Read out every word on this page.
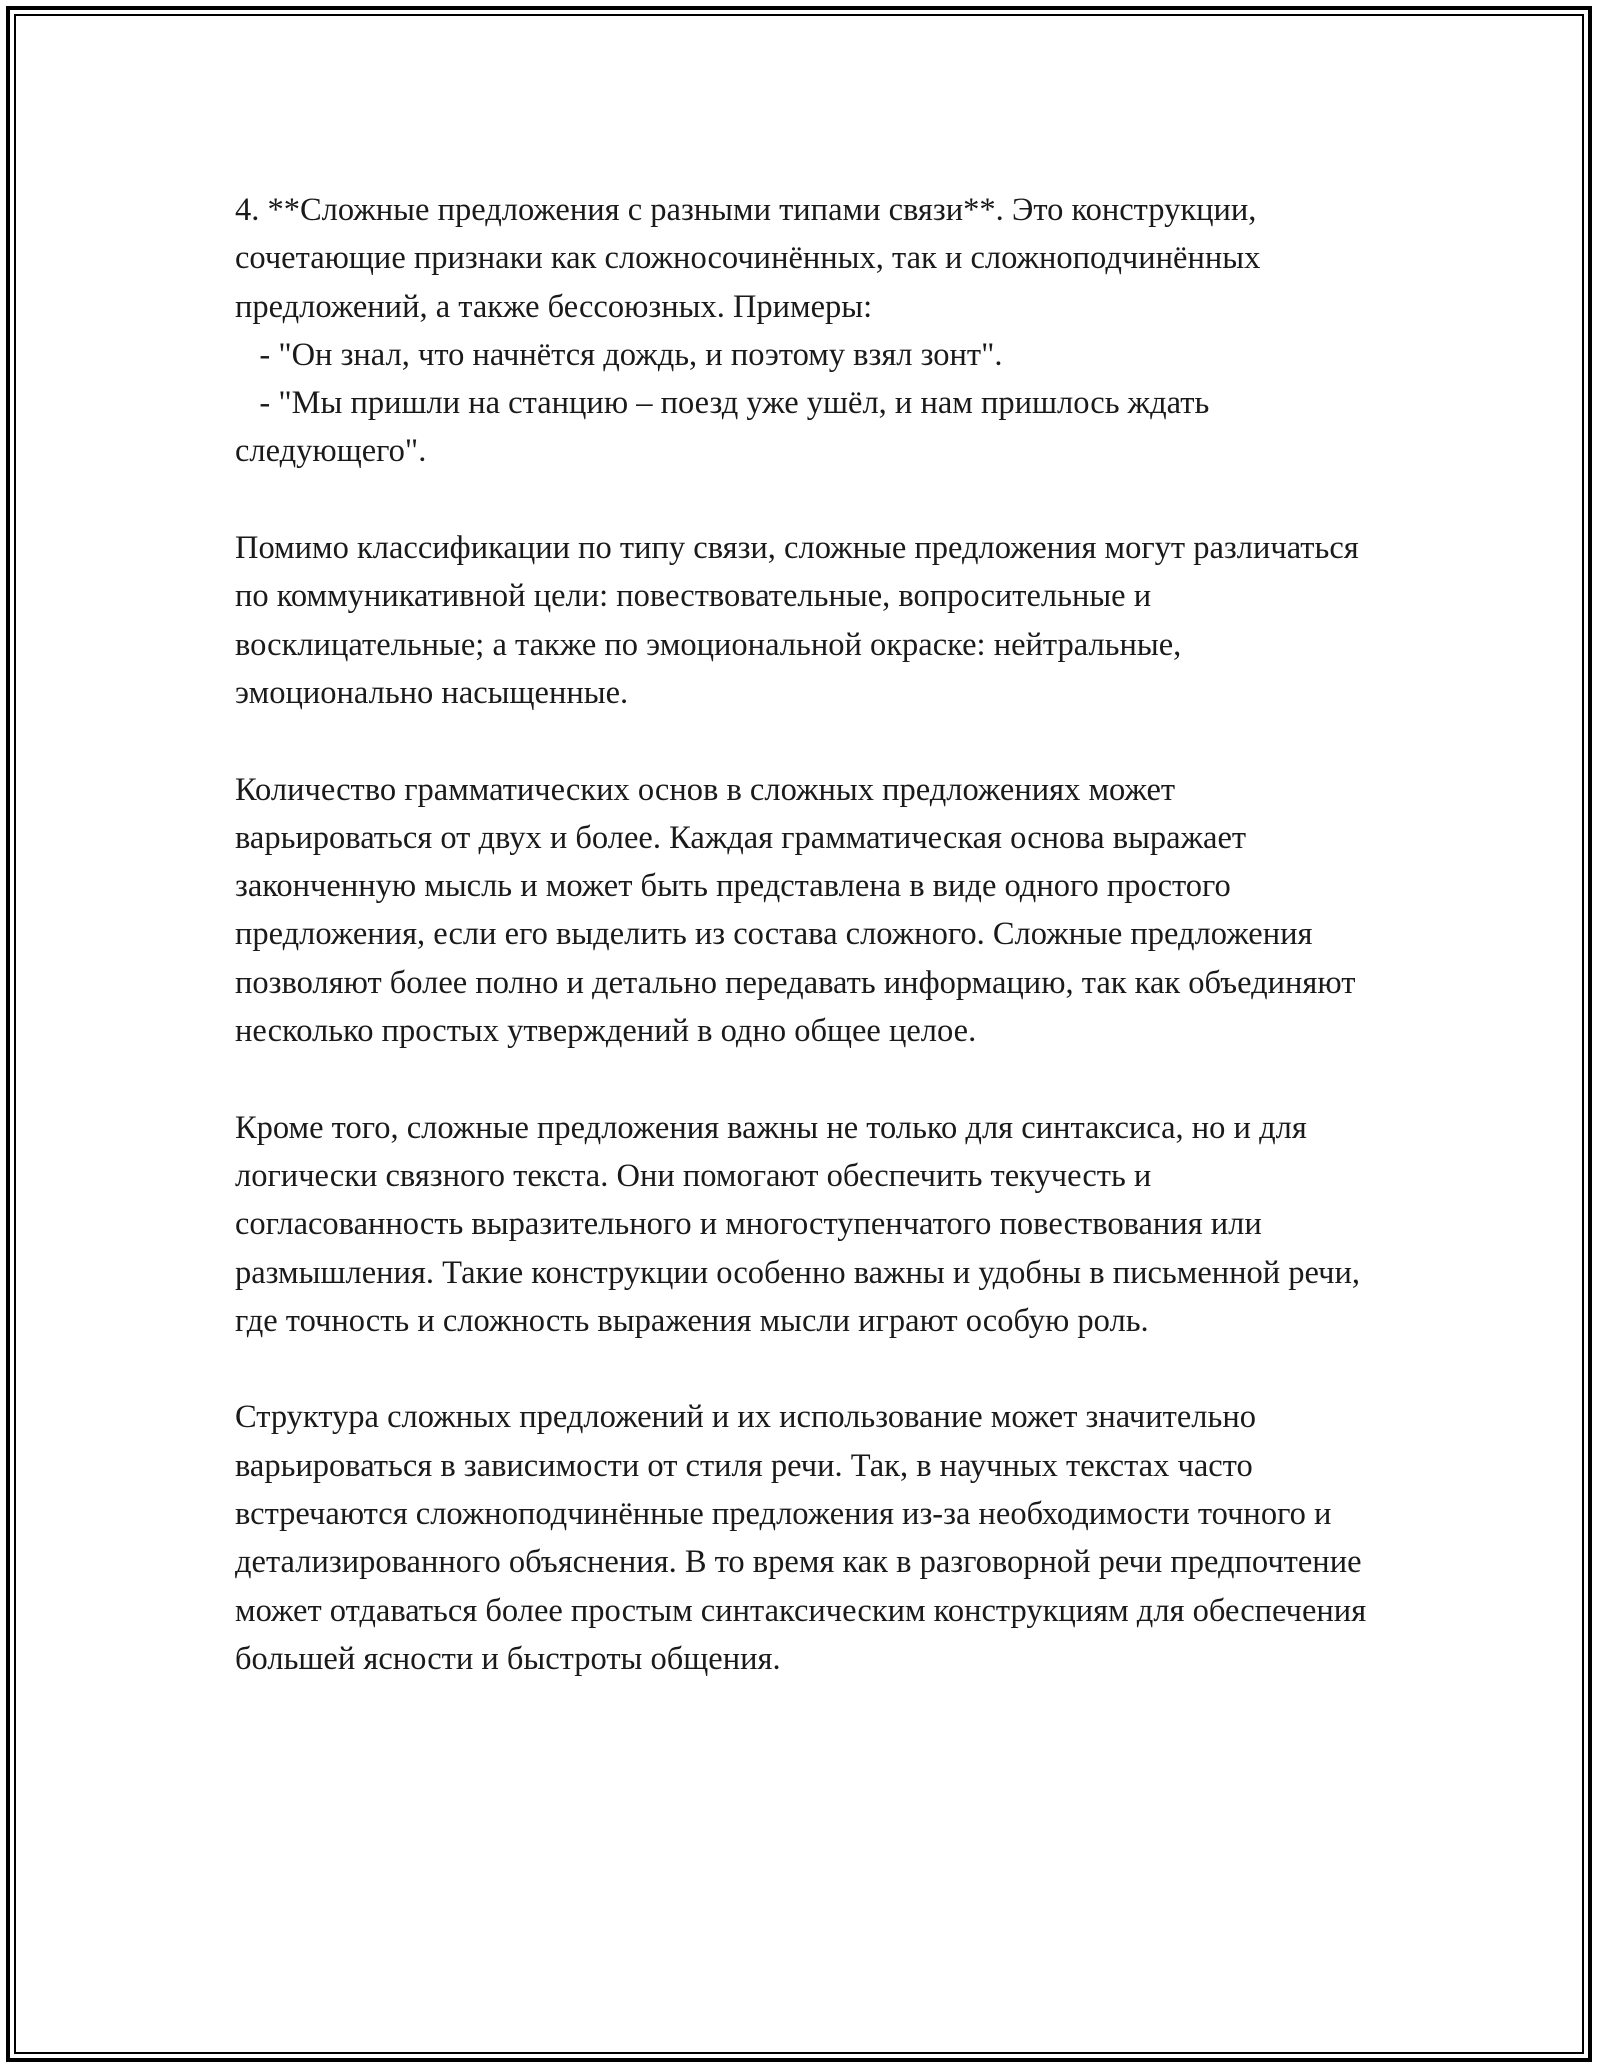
4. **Сложные предложения с разными типами связи**. Это конструкции, сочетающие признаки как сложносочинённых, так и сложноподчинённых предложений, а также бессоюзных. Примеры:
- "Он знал, что начнётся дождь, и поэтому взял зонт".
- "Мы пришли на станцию – поезд уже ушёл, и нам пришлось ждать следующего".

Помимо классификации по типу связи, сложные предложения могут различаться по коммуникативной цели: повествовательные, вопросительные и восклицательные; а также по эмоциональной окраске: нейтральные, эмоционально насыщенные.

Количество грамматических основ в сложных предложениях может варьироваться от двух и более. Каждая грамматическая основа выражает законченную мысль и может быть представлена в виде одного простого предложения, если его выделить из состава сложного. Сложные предложения позволяют более полно и детально передавать информацию, так как объединяют несколько простых утверждений в одно общее целое.

Кроме того, сложные предложения важны не только для синтаксиса, но и для логически связного текста. Они помогают обеспечить текучесть и согласованность выразительного и многоступенчатого повествования или размышления. Такие конструкции особенно важны и удобны в письменной речи, где точность и сложность выражения мысли играют особую роль.

Структура сложных предложений и их использование может значительно варьироваться в зависимости от стиля речи. Так, в научных текстах часто встречаются сложноподчинённые предложения из-за необходимости точного и детализированного объяснения. В то время как в разговорной речи предпочтение может отдаваться более простым синтаксическим конструкциям для обеспечения большей ясности и быстроты общения.
